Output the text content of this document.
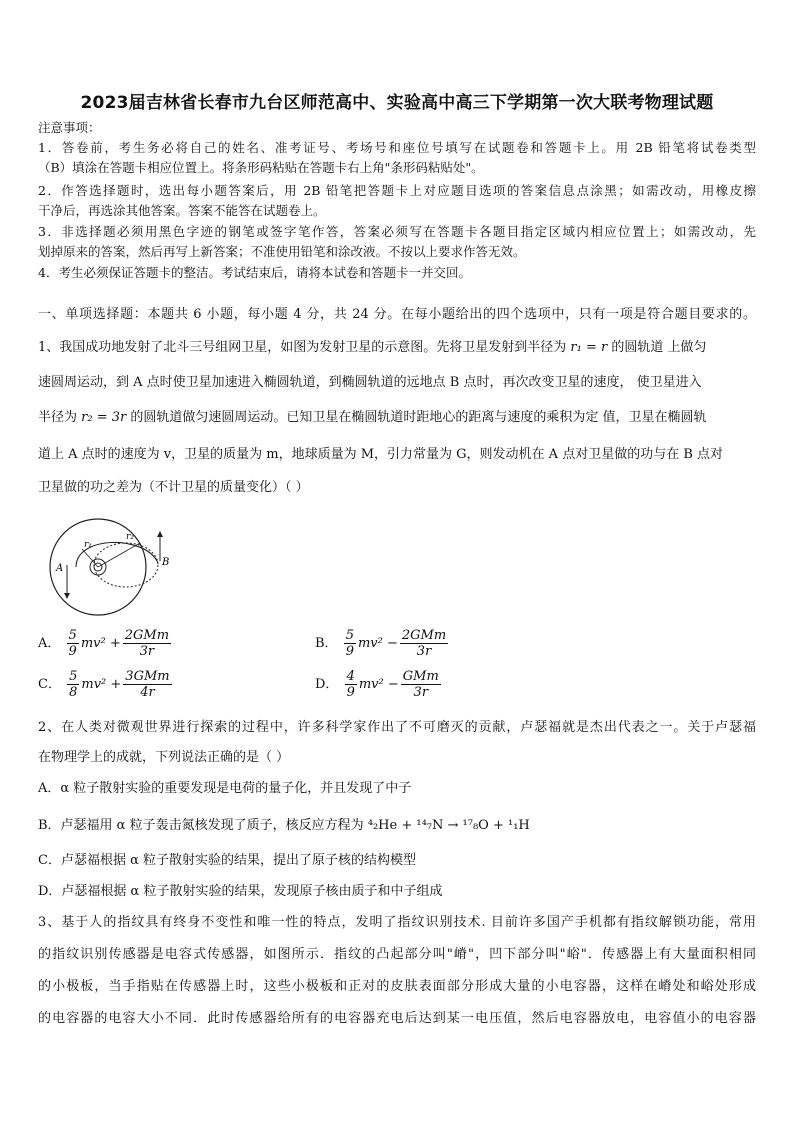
2023届吉林省长春市九台区师范高中、实验高中高三下学期第一次大联考物理试题
注意事项：
1．答卷前，考生务必将自己的姓名、准考证号、考场号和座位号填写在试题卷和答题卡上。用 2B 铅笔将试卷类型
（B）填涂在答题卡相应位置上。将条形码粘贴在答题卡右上角"条形码粘贴处"。
2．作答选择题时，选出每小题答案后，用 2B 铅笔把答题卡上对应题目选项的答案信息点涂黑；如需改动，用橡皮擦
干净后，再选涂其他答案。答案不能答在试题卷上。
3．非选择题必须用黑色字迹的钢笔或签字笔作答，答案必须写在答题卡各题目指定区域内相应位置上；如需改动，先
划掉原来的答案，然后再写上新答案；不准使用铅笔和涂改液。不按以上要求作答无效。
4．考生必须保证答题卡的整洁。考试结束后，请将本试卷和答题卡一并交回。
一、单项选择题：本题共 6 小题，每小题 4 分，共 24 分。在每小题给出的四个选项中，只有一项是符合题目要求的。
1、我国成功地发射了北斗三号组网卫星，如图为发射卫星的示意图。先将卫星发射到半径为 r₁ = r 的圆轨道 上做匀
速圆周运动，到 A 点时使卫星加速进入椭圆轨道，到椭圆轨道的远地点 B 点时，再次改变卫星的速度， 使卫星进入
半径为 r₂ = 3r 的圆轨道做匀速圆周运动。已知卫星在椭圆轨道时距地心的距离与速度的乘积为定 值，卫星在椭圆轨
道上 A 点时的速度为 v，卫星的质量为 m，地球质量为 M，引力常量为 G，则发动机在 A 点对卫星做的功与在 B 点对
卫星做的功之差为（不计卫星的质量变化）（ ）
r₁
r₂
A
B
A． $\frac{5}{9} mv^2 + \frac{\text{2GMm}}{3r}$	B． $\frac{5}{9} mv^2 - \frac{\text{2GMm}}{3r}$
C． $\frac{5}{8} mv^2 + \frac{\text{3GMm}}{4r}$	D． $\frac{4}{9} mv^2 - \frac{\text{GMm}}{3r}$
2、在人类对微观世界进行探索的过程中，许多科学家作出了不可磨灭的贡献，卢瑟福就是杰出代表之一。关于卢瑟福
在物理学上的成就，下列说法正确的是（ ）
A．α 粒子散射实验的重要发现是电荷的量子化，并且发现了中子
B．卢瑟福用 α 粒子轰击氮核发现了质子，核反应方程为 ⁴₂He + ¹⁴₇N → ¹⁷₈O + ¹₁H
C．卢瑟福根据 α 粒子散射实验的结果，提出了原子核的结构模型
D．卢瑟福根据 α 粒子散射实验的结果，发现原子核由质子和中子组成
3、基于人的指纹具有终身不变性和唯一性的特点，发明了指纹识别技术. 目前许多国产手机都有指纹解锁功能，常用
的指纹识别传感器是电容式传感器，如图所示．指纹的凸起部分叫"嵴"，凹下部分叫"峪"．传感器上有大量面积相同
的小极板，当手指贴在传感器上时，这些小极板和正对的皮肤表面部分形成大量的小电容器，这样在嵴处和峪处形成
的电容器的电容大小不同．此时传感器给所有的电容器充电后达到某一电压值，然后电容器放电，电容值小的电容器
